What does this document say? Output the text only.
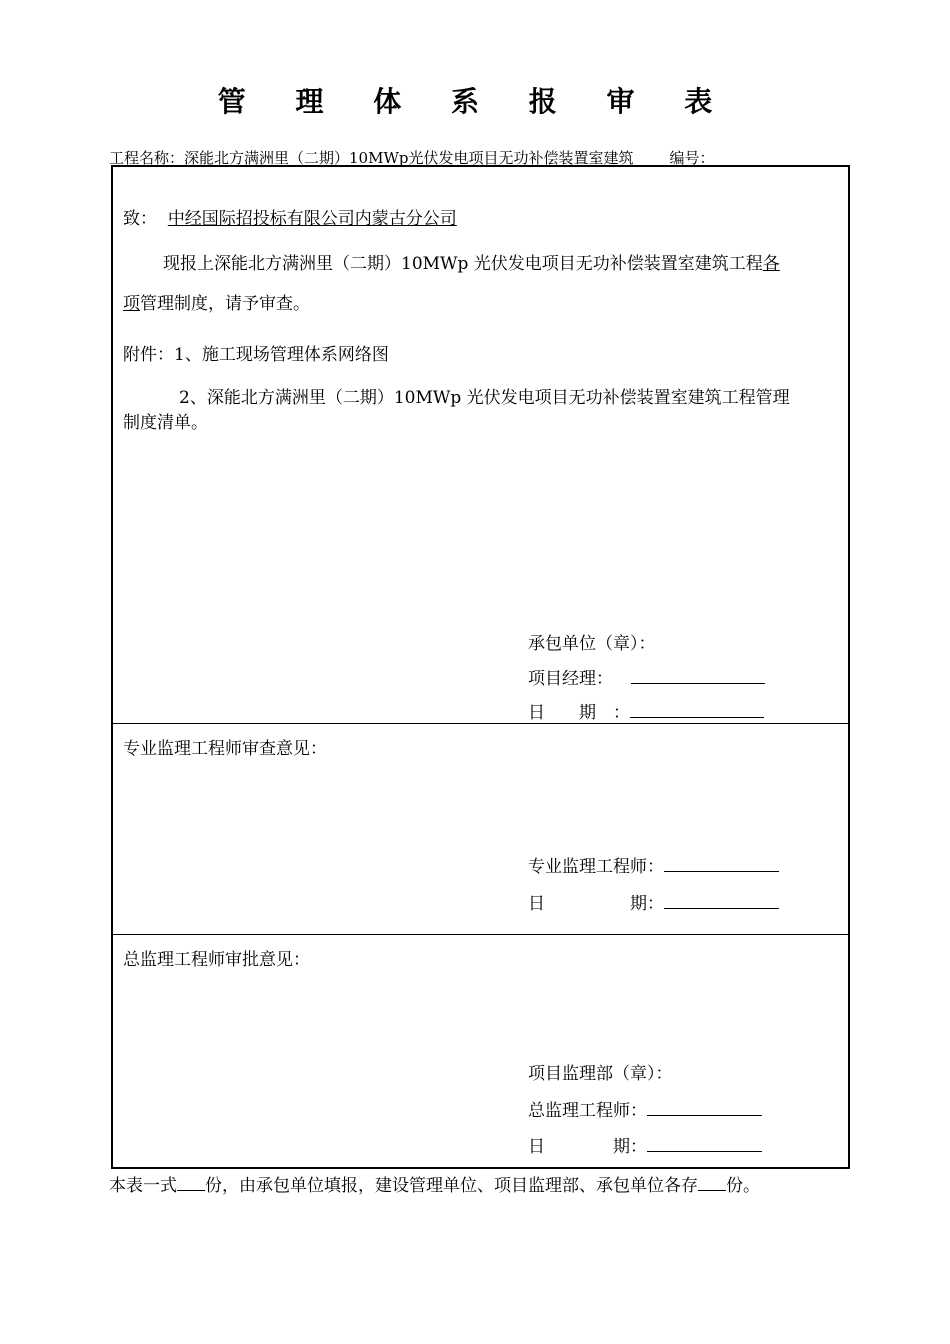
管 理 体 系 报 审 表
工程名称：深能北方满洲里（二期）10MWp光伏发电项目无功补偿装置室建筑 编号：
致： 中经国际招投标有限公司内蒙古分公司
现报上深能北方满洲里（二期）10MWp 光伏发电项目无功补偿装置室建筑工程各
项管理制度，请予审查。
附件：1、施工现场管理体系网络图
2、深能北方满洲里（二期）10MWp 光伏发电项目无功补偿装置室建筑工程管理
制度清单。
承包单位（章）：
项目经理：
日　　期　：
专业监理工程师审查意见：
专业监理工程师：
日　　　　　期：
总监理工程师审批意见：
项目监理部（章）：
总监理工程师：
日　　　　期：
本表一式 份，由承包单位填报，建设管理单位、项目监理部、承包单位各存 份。
